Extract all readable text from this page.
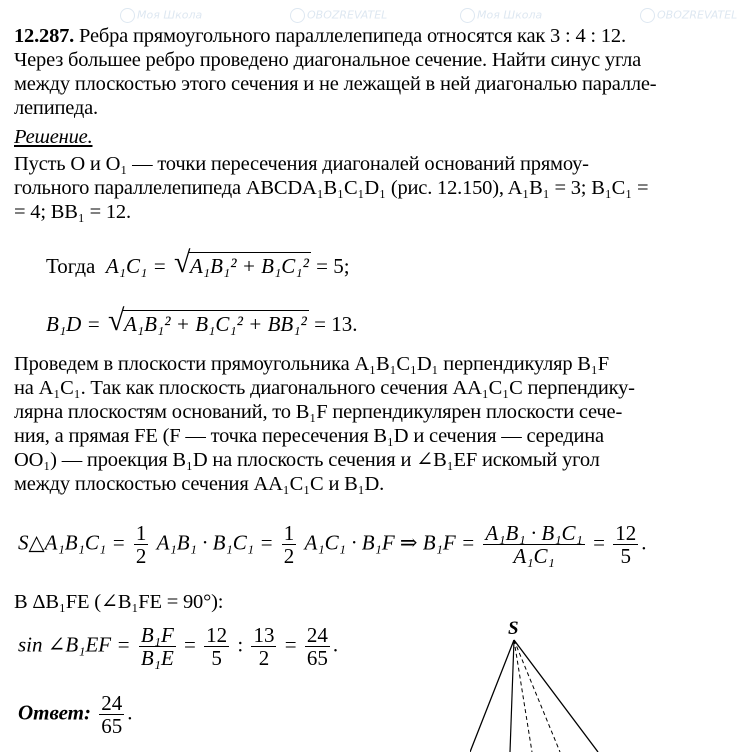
Моя Школа	OBOZREVATEL	Моя Школа	OBOZREVATEL
12.287. Ребра прямоугольного параллелепипеда относятся как 3 : 4 : 12.
Через большее ребро проведено диагональное сечение. Найти синус угла
между плоскостью этого сечения и не лежащей в ней диагональю паралле-
лепипеда.
Решение.
Пусть O и O₁ — точки пересечения диагоналей оснований прямоу-
гольного параллелепипеда ABCDA₁B₁C₁D₁ (рис. 12.150), A₁B₁ = 3; B₁C₁ =
= 4; BB₁ = 12.
Тогда A₁C₁ = √ A₁B₁² + B₁C₁² = 5;
B₁D = √ A₁B₁² + B₁C₁² + BB₁² = 13.
Проведем в плоскости прямоугольника A₁B₁C₁D₁ перпендикуляр B₁F
на A₁C₁. Так как плоскость диагонального сечения AA₁C₁C перпендику-
лярна плоскостям оснований, то B₁F перпендикулярен плоскости сече-
ния, а прямая FE (F — точка пересечения B₁D и сечения — середина
OO₁) — проекция B₁D на плоскость сечения и ∠B₁EF искомый угол
между плоскостью сечения AA₁C₁C и B₁D.
S△A₁B₁C₁ = $\frac{1}{2} A_1B_1 \cdot B_1C_1 = \frac{1}{2} A_1C_1 \cdot B_1F$ ⇒ $B_1F = \frac{\text{A₁B₁ · B₁C₁}}{\text{A₁C₁}} = \frac{12}{5}$ .
В ΔB₁FE (∠B₁FE = 90°):
sin ∠B₁EF = $\frac{\text{B₁F}}{\text{B₁E}} = \frac{12}{5}$ : $\frac{13}{2} = \frac{24}{65}$ .
Ответ: $\frac{24}{65}$ .
S
